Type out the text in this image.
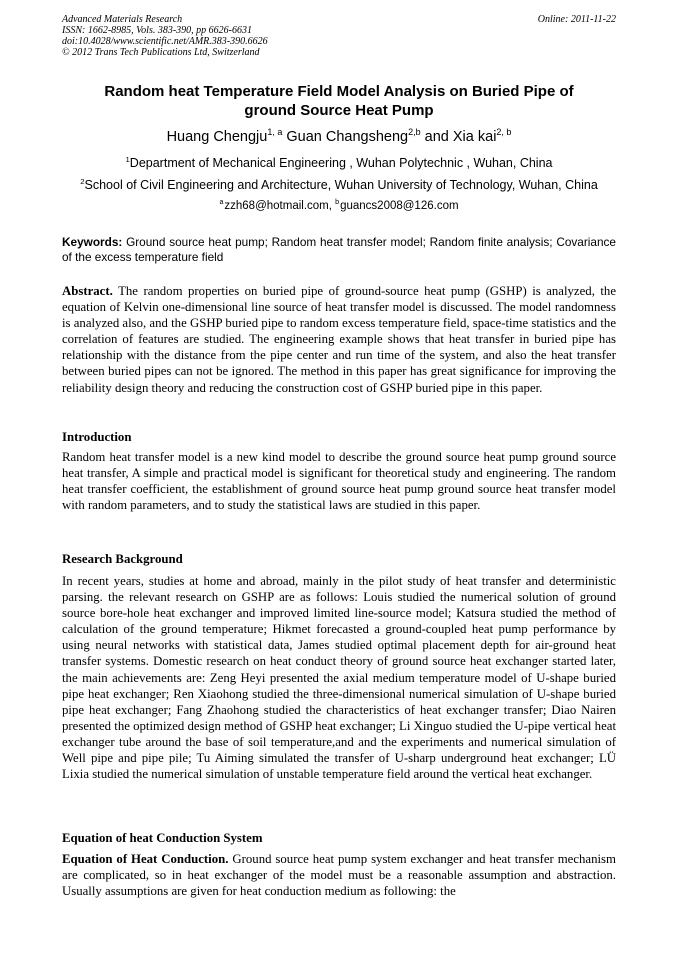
Advanced Materials Research
ISSN: 1662-8985, Vols. 383-390, pp 6626-6631
doi:10.4028/www.scientific.net/AMR.383-390.6626
© 2012 Trans Tech Publications Ltd, Switzerland
Online: 2011-11-22
Random heat Temperature Field Model Analysis on Buried Pipe of
ground Source Heat Pump
Huang Chengju$^{1, a}$ Guan Changsheng$^{2,b}$ and Xia kai$^{2, b}$
$^1$Department of Mechanical Engineering , Wuhan Polytechnic , Wuhan, China
$^2$School of Civil Engineering and Architecture, Wuhan University of Technology, Wuhan, China
$^a$ zzh68@hotmail.com, $^b$ guancs2008@126.com
Keywords: Ground source heat pump; Random heat transfer model; Random finite analysis; Covariance of the excess temperature field
Abstract. The random properties on buried pipe of ground-source heat pump (GSHP) is analyzed, the equation of Kelvin one-dimensional line source of heat transfer model is discussed. The model randomness is analyzed also, and the GSHP buried pipe to random excess temperature field, space-time statistics and the correlation of features are studied. The engineering example shows that heat transfer in buried pipe has relationship with the distance from the pipe center and run time of the system, and also the heat transfer between buried pipes can not be ignored. The method in this paper has great significance for improving the reliability design theory and reducing the construction cost of GSHP buried pipe in this paper.
Introduction
Random heat transfer model is a new kind model to describe the ground source heat pump ground source heat transfer, A simple and practical model is significant for theoretical study and engineering. The random heat transfer coefficient, the establishment of ground source heat pump ground source heat transfer model with random parameters, and to study the statistical laws are studied in this paper.
Research Background
In recent years, studies at home and abroad, mainly in the pilot study of heat transfer and deterministic parsing. the relevant research on GSHP are as follows: Louis studied the numerical solution of ground source bore-hole heat exchanger and improved limited line-source model; Katsura studied the method of calculation of the ground temperature; Hikmet forecasted a ground-coupled heat pump performance by using neural networks with statistical data, James studied optimal placement depth for air-ground heat transfer systems. Domestic research on heat conduct theory of ground source heat exchanger started later, the main achievements are: Zeng Heyi presented the axial medium temperature model of U-shape buried pipe heat exchanger; Ren Xiaohong studied the three-dimensional numerical simulation of U-shape buried pipe heat exchanger; Fang Zhaohong studied the characteristics of heat exchanger transfer; Diao Nairen presented the optimized design method of GSHP heat exchanger; Li Xinguo studied the U-pipe vertical heat exchanger tube around the base of soil temperature,and and the experiments and numerical simulation of Well pipe and pipe pile; Tu Aiming simulated the transfer of U-sharp underground heat exchanger; LÜ Lixia studied the numerical simulation of unstable temperature field around the vertical heat exchanger.
Equation of heat Conduction System
Equation of Heat Conduction. Ground source heat pump system exchanger and heat transfer mechanism are complicated, so in heat exchanger of the model must be a reasonable assumption and abstraction. Usually assumptions are given for heat conduction medium as following: the
